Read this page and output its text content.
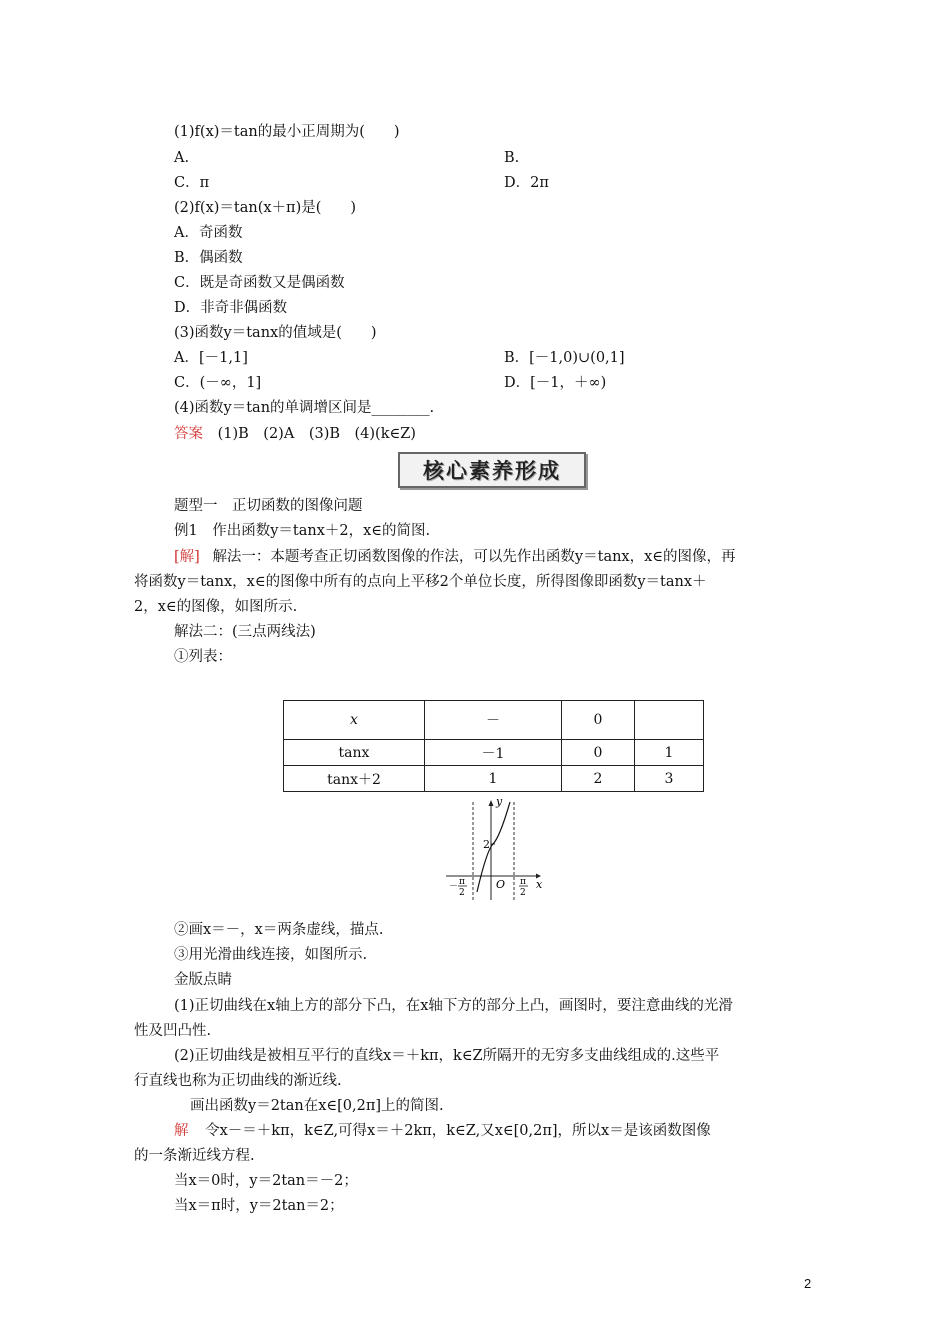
(1)f(x)＝tan的最小正周期为(　　)
A.	B.
C．π	D．2π
(2)f(x)＝tan(x＋π)是(　　)
A．奇函数
B．偶函数
C．既是奇函数又是偶函数
D．非奇非偶函数
(3)函数y＝tanx的值域是(　　)
A．[－1,1]	B．[－1,0)∪(0,1]
C．(－∞，1]	D．[－1，＋∞)
(4)函数y＝tan的单调增区间是________.
答案 (1)B　(2)A　(3)B　(4)(k∈Z)
核心素养形成
题型一　正切函数的图像问题
例1　作出函数y＝tanx＋2，x∈的简图.
[解] 解法一：本题考查正切函数图像的作法，可以先作出函数y＝tanx，x∈的图像，再
将函数y＝tanx，x∈的图像中所有的点向上平移2个单位长度，所得图像即函数y＝tanx＋
2，x∈的图像，如图所示.
解法二：(三点两线法)
①列表：
x	－	0	
tanx	－1	0	1
tanx＋2	1	2	3
y
x
O
2
－ π
2
π
2
②画x＝－，x＝两条虚线，描点.
③用光滑曲线连接，如图所示.
金版点睛
(1)正切曲线在x轴上方的部分下凸，在x轴下方的部分上凸，画图时，要注意曲线的光滑
性及凹凸性.
(2)正切曲线是被相互平行的直线x＝＋kπ，k∈Z所隔开的无穷多支曲线组成的.这些平
行直线也称为正切曲线的渐近线.
画出函数y＝2tan在x∈[0,2π]上的简图.
解 令x－＝＋kπ，k∈Z,可得x＝＋2kπ，k∈Z,又x∈[0,2π]，所以x＝是该函数图像
的一条渐近线方程.
当x＝0时，y＝2tan＝－2；
当x＝π时，y＝2tan＝2；
2
